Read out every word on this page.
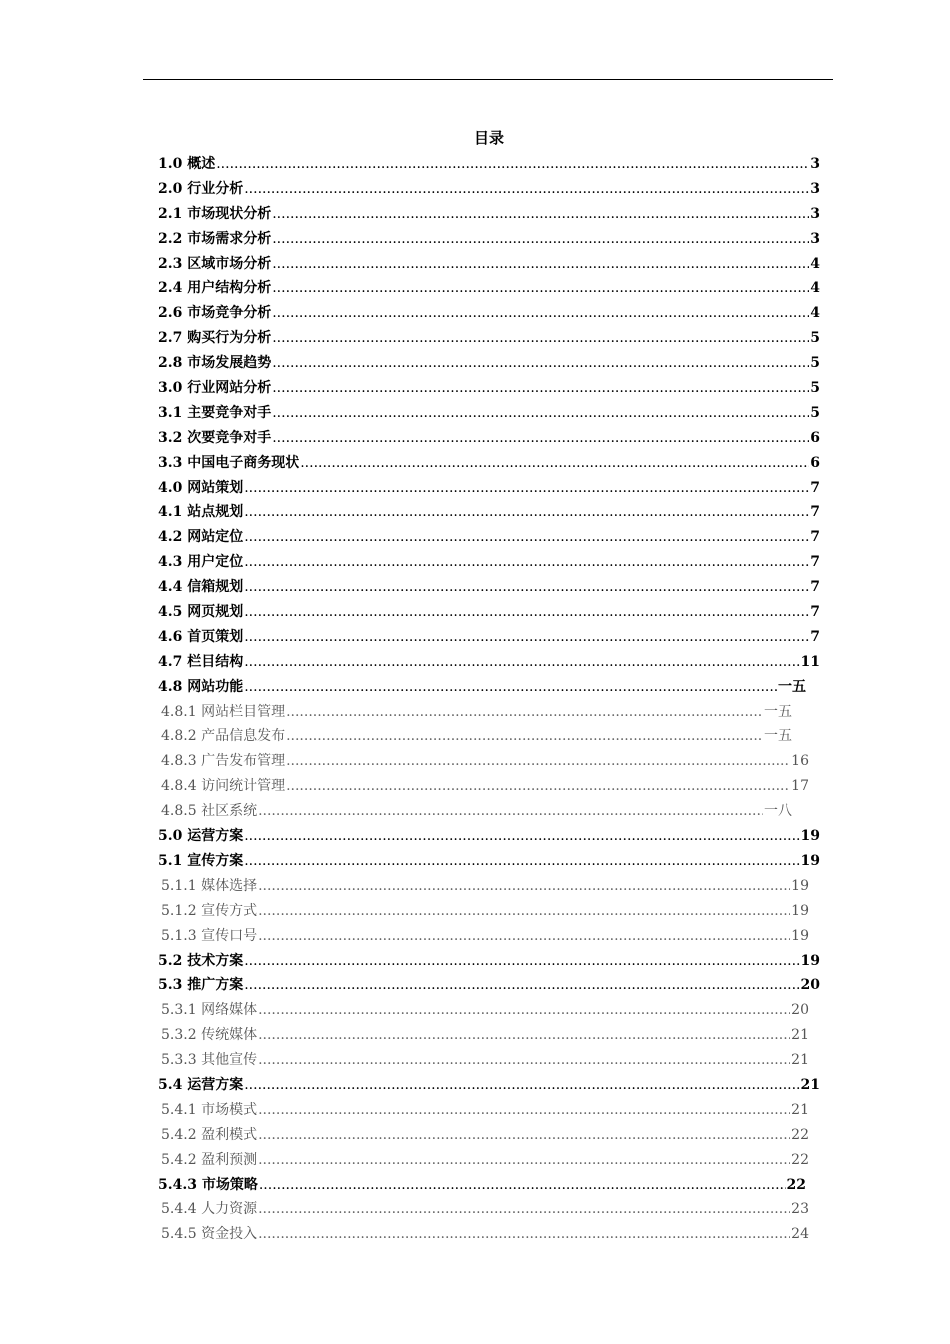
目录
1.0 概述 .....	3
2.0 行业分析 .....	3
2.1 市场现状分析 .....	3
2.2 市场需求分析 .....	3
2.3 区域市场分析 .....	4
2.4 用户结构分析 .....	4
2.6 市场竞争分析 .....	4
2.7 购买行为分析 .....	5
2.8 市场发展趋势 .....	5
3.0 行业网站分析 .....	5
3.1 主要竞争对手 .....	5
3.2 次要竞争对手 .....	6
3.3 中国电子商务现状 .....	6
4.0 网站策划 .....	7
4.1 站点规划 .....	7
4.2 网站定位 .....	7
4.3 用户定位 .....	7
4.4 信箱规划 .....	7
4.5 网页规划 .....	7
4.6 首页策划 .....	7
4.7 栏目结构 .....	11
4.8 网站功能 .....	一五
4.8.1 网站栏目管理 .....	一五
4.8.2 产品信息发布 .....	一五
4.8.3 广告发布管理 .....	16
4.8.4 访问统计管理 .....	17
4.8.5 社区系统 .....	一八
5.0 运营方案 .....	19
5.1 宣传方案 .....	19
5.1.1 媒体选择 .....	19
5.1.2 宣传方式 .....	19
5.1.3 宣传口号 .....	19
5.2 技术方案 .....	19
5.3 推广方案 .....	20
5.3.1 网络媒体 .....	20
5.3.2 传统媒体 .....	21
5.3.3 其他宣传 .....	21
5.4 运营方案 .....	21
5.4.1 市场模式 .....	21
5.4.2 盈利模式 .....	22
5.4.2 盈利预测 .....	22
5.4.3 市场策略 .....	22
5.4.4 人力资源 .....	23
5.4.5 资金投入 .....	24
